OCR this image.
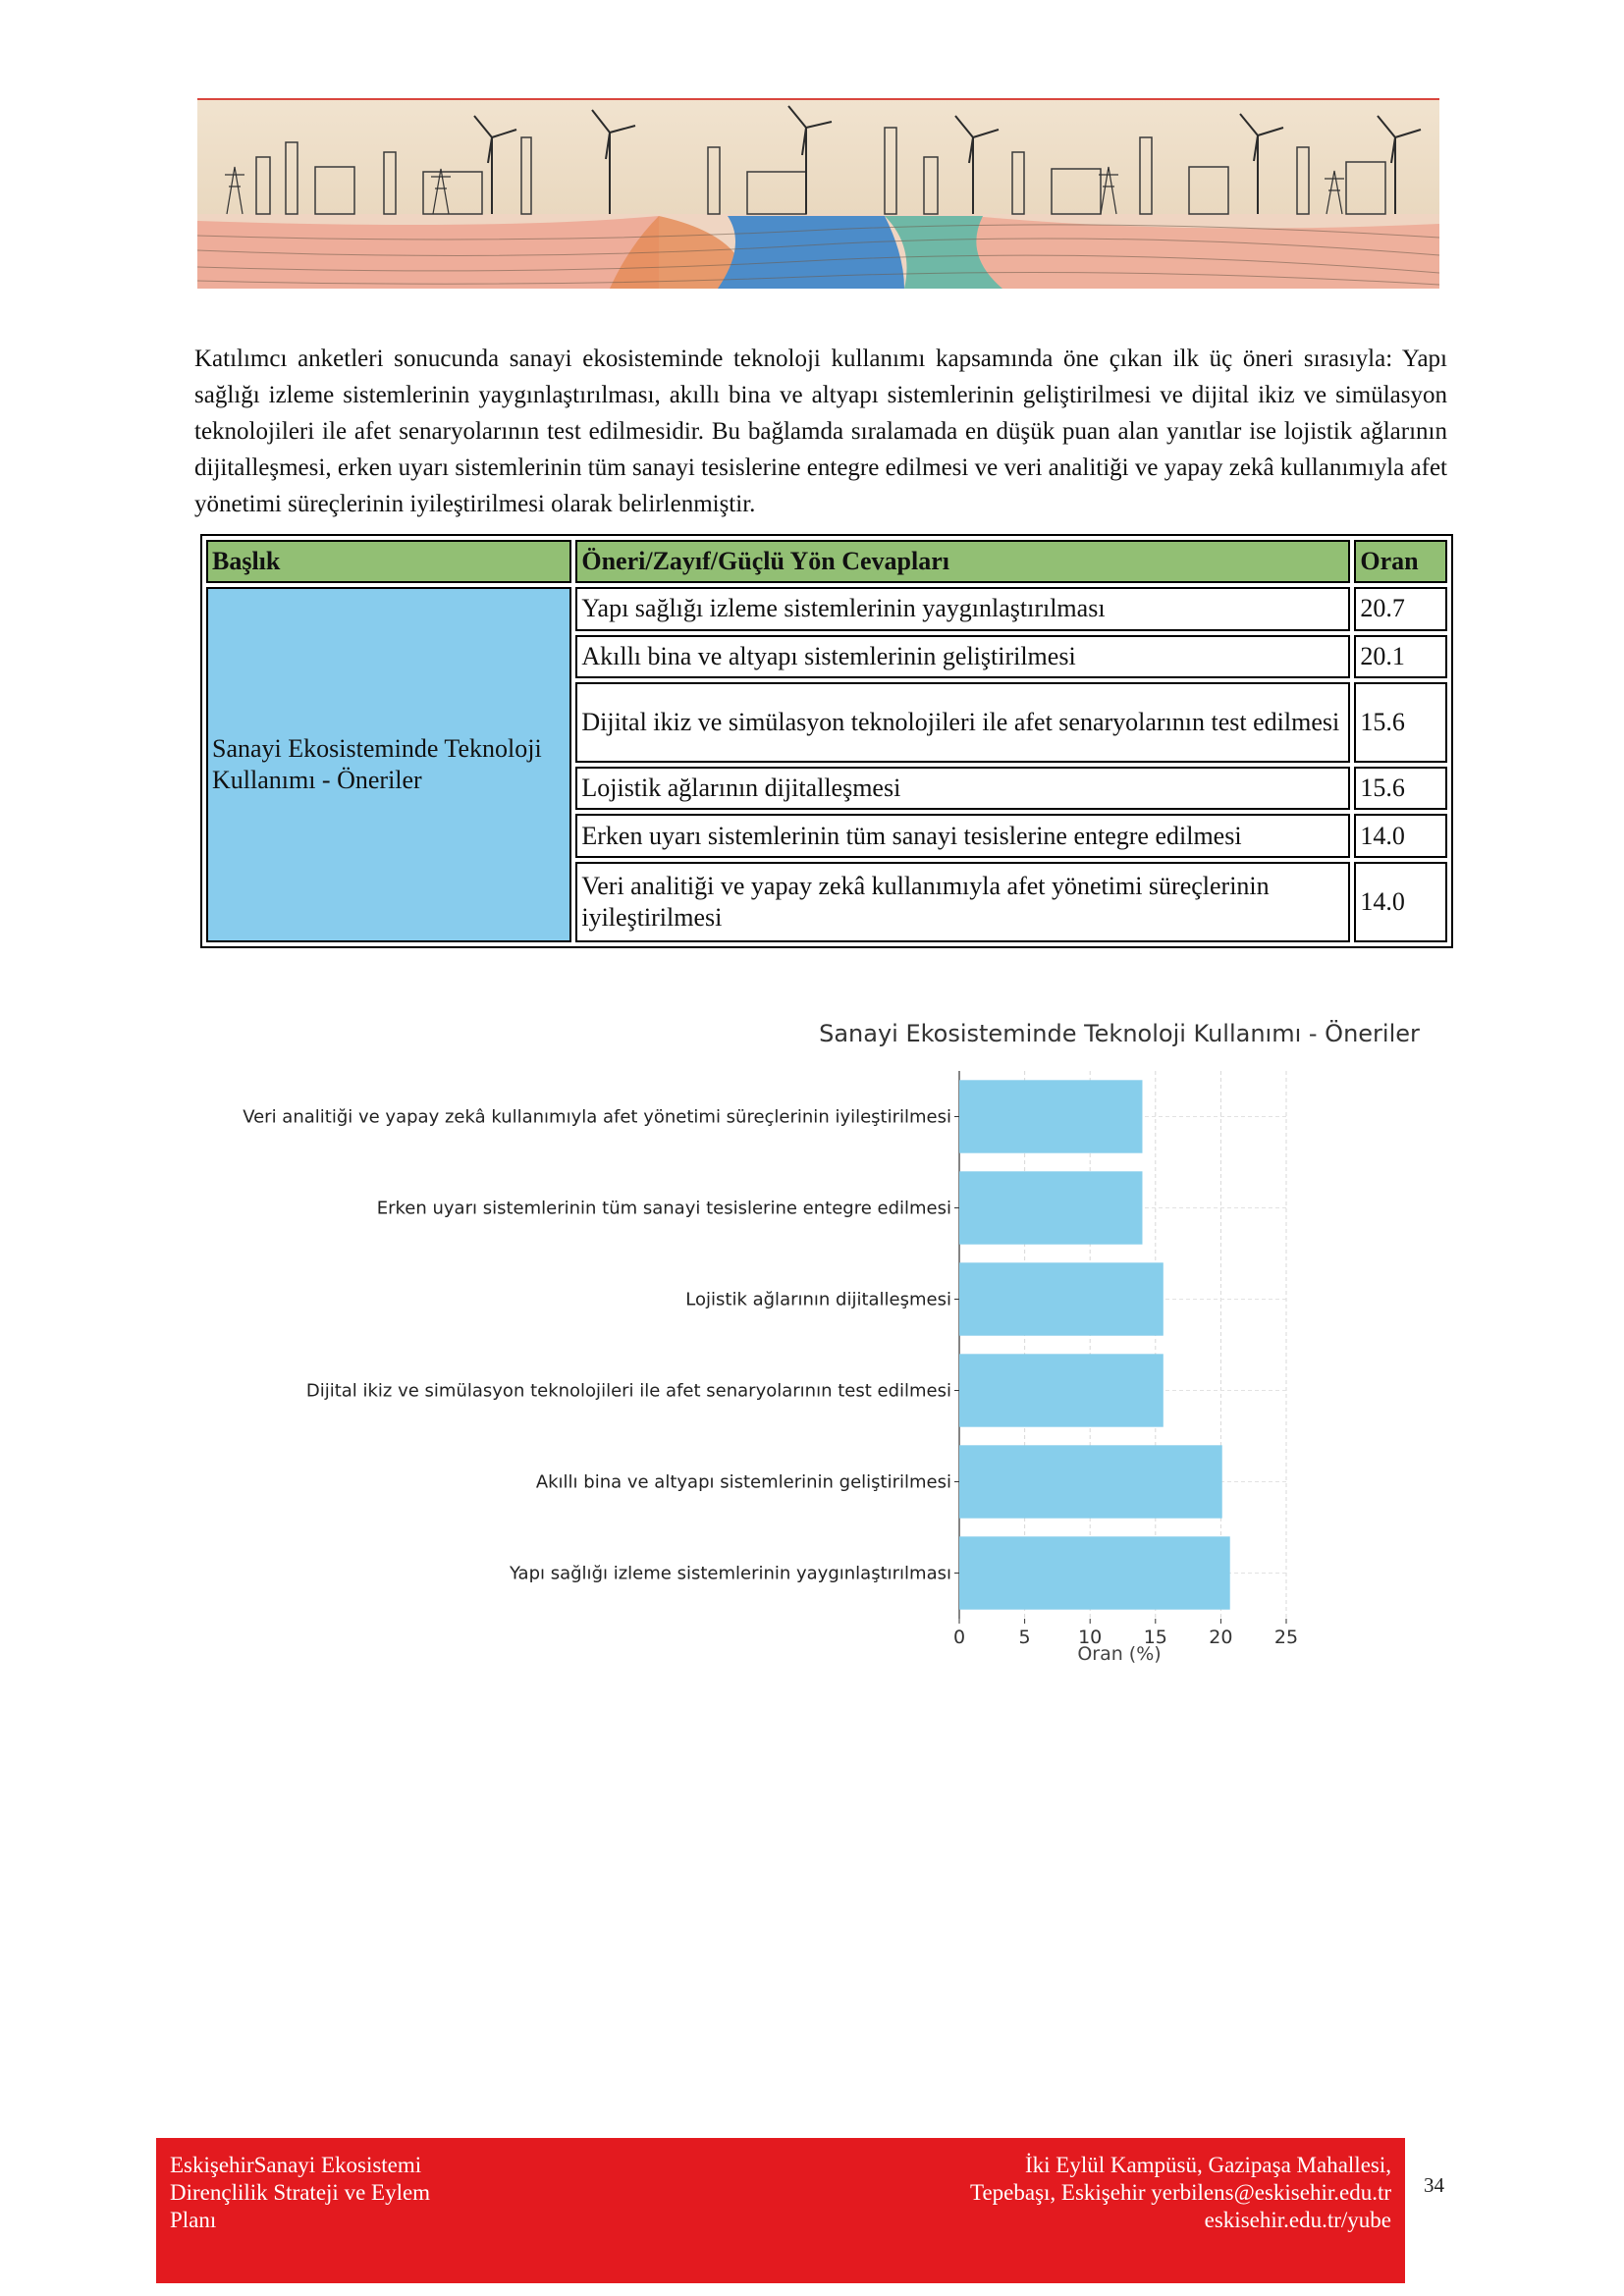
Katılımcı anketleri sonucunda sanayi ekosisteminde teknoloji kullanımı kapsamında öne çıkan ilk üç öneri sırasıyla: Yapı sağlığı izleme sistemlerinin yaygınlaştırılması, akıllı bina ve altyapı sistemlerinin geliştirilmesi ve dijital ikiz ve simülasyon teknolojileri ile afet senaryolarının test edilmesidir. Bu bağlamda sıralamada en düşük puan alan yanıtlar ise lojistik ağlarının dijitalleşmesi, erken uyarı sistemlerinin tüm sanayi tesislerine entegre edilmesi ve veri analitiği ve yapay zekâ kullanımıyla afet yönetimi süreçlerinin iyileştirilmesi olarak belirlenmiştir.

Başlık	Öneri/Zayıf/Güçlü Yön Cevapları	Oran
Sanayi Ekosisteminde Teknoloji Kullanımı - Öneriler	Yapı sağlığı izleme sistemlerinin yaygınlaştırılması	20.7
	Akıllı bina ve altyapı sistemlerinin geliştirilmesi	20.1
	Dijital ikiz ve simülasyon teknolojileri ile afet senaryolarının test edilmesi	15.6
	Lojistik ağlarının dijitalleşmesi	15.6
	Erken uyarı sistemlerinin tüm sanayi tesislerine entegre edilmesi	14.0
	Veri analitiği ve yapay zekâ kullanımıyla afet yönetimi süreçlerinin iyileştirilmesi	14.0
Sanayi Ekosisteminde Teknoloji Kullanımı - Öneriler
Veri analitiği ve yapay zekâ kullanımıyla afet yönetimi süreçlerinin iyileştirilmesi
Erken uyarı sistemlerinin tüm sanayi tesislerine entegre edilmesi
Lojistik ağlarının dijitalleşmesi
Dijital ikiz ve simülasyon teknolojileri ile afet senaryolarının test edilmesi
Akıllı bina ve altyapı sistemlerinin geliştirilmesi
Yapı sağlığı izleme sistemlerinin yaygınlaştırılması
0	5	10 15 20 25
Oran (%)
EskişehirSanayi Ekosistemi
Dirençlilik Strateji ve Eylem
Planı
İki Eylül Kampüsü, Gazipaşa Mahallesi,
Tepebaşı, Eskişehir yerbilens@eskisehir.edu.tr
eskisehir.edu.tr/yube
34
